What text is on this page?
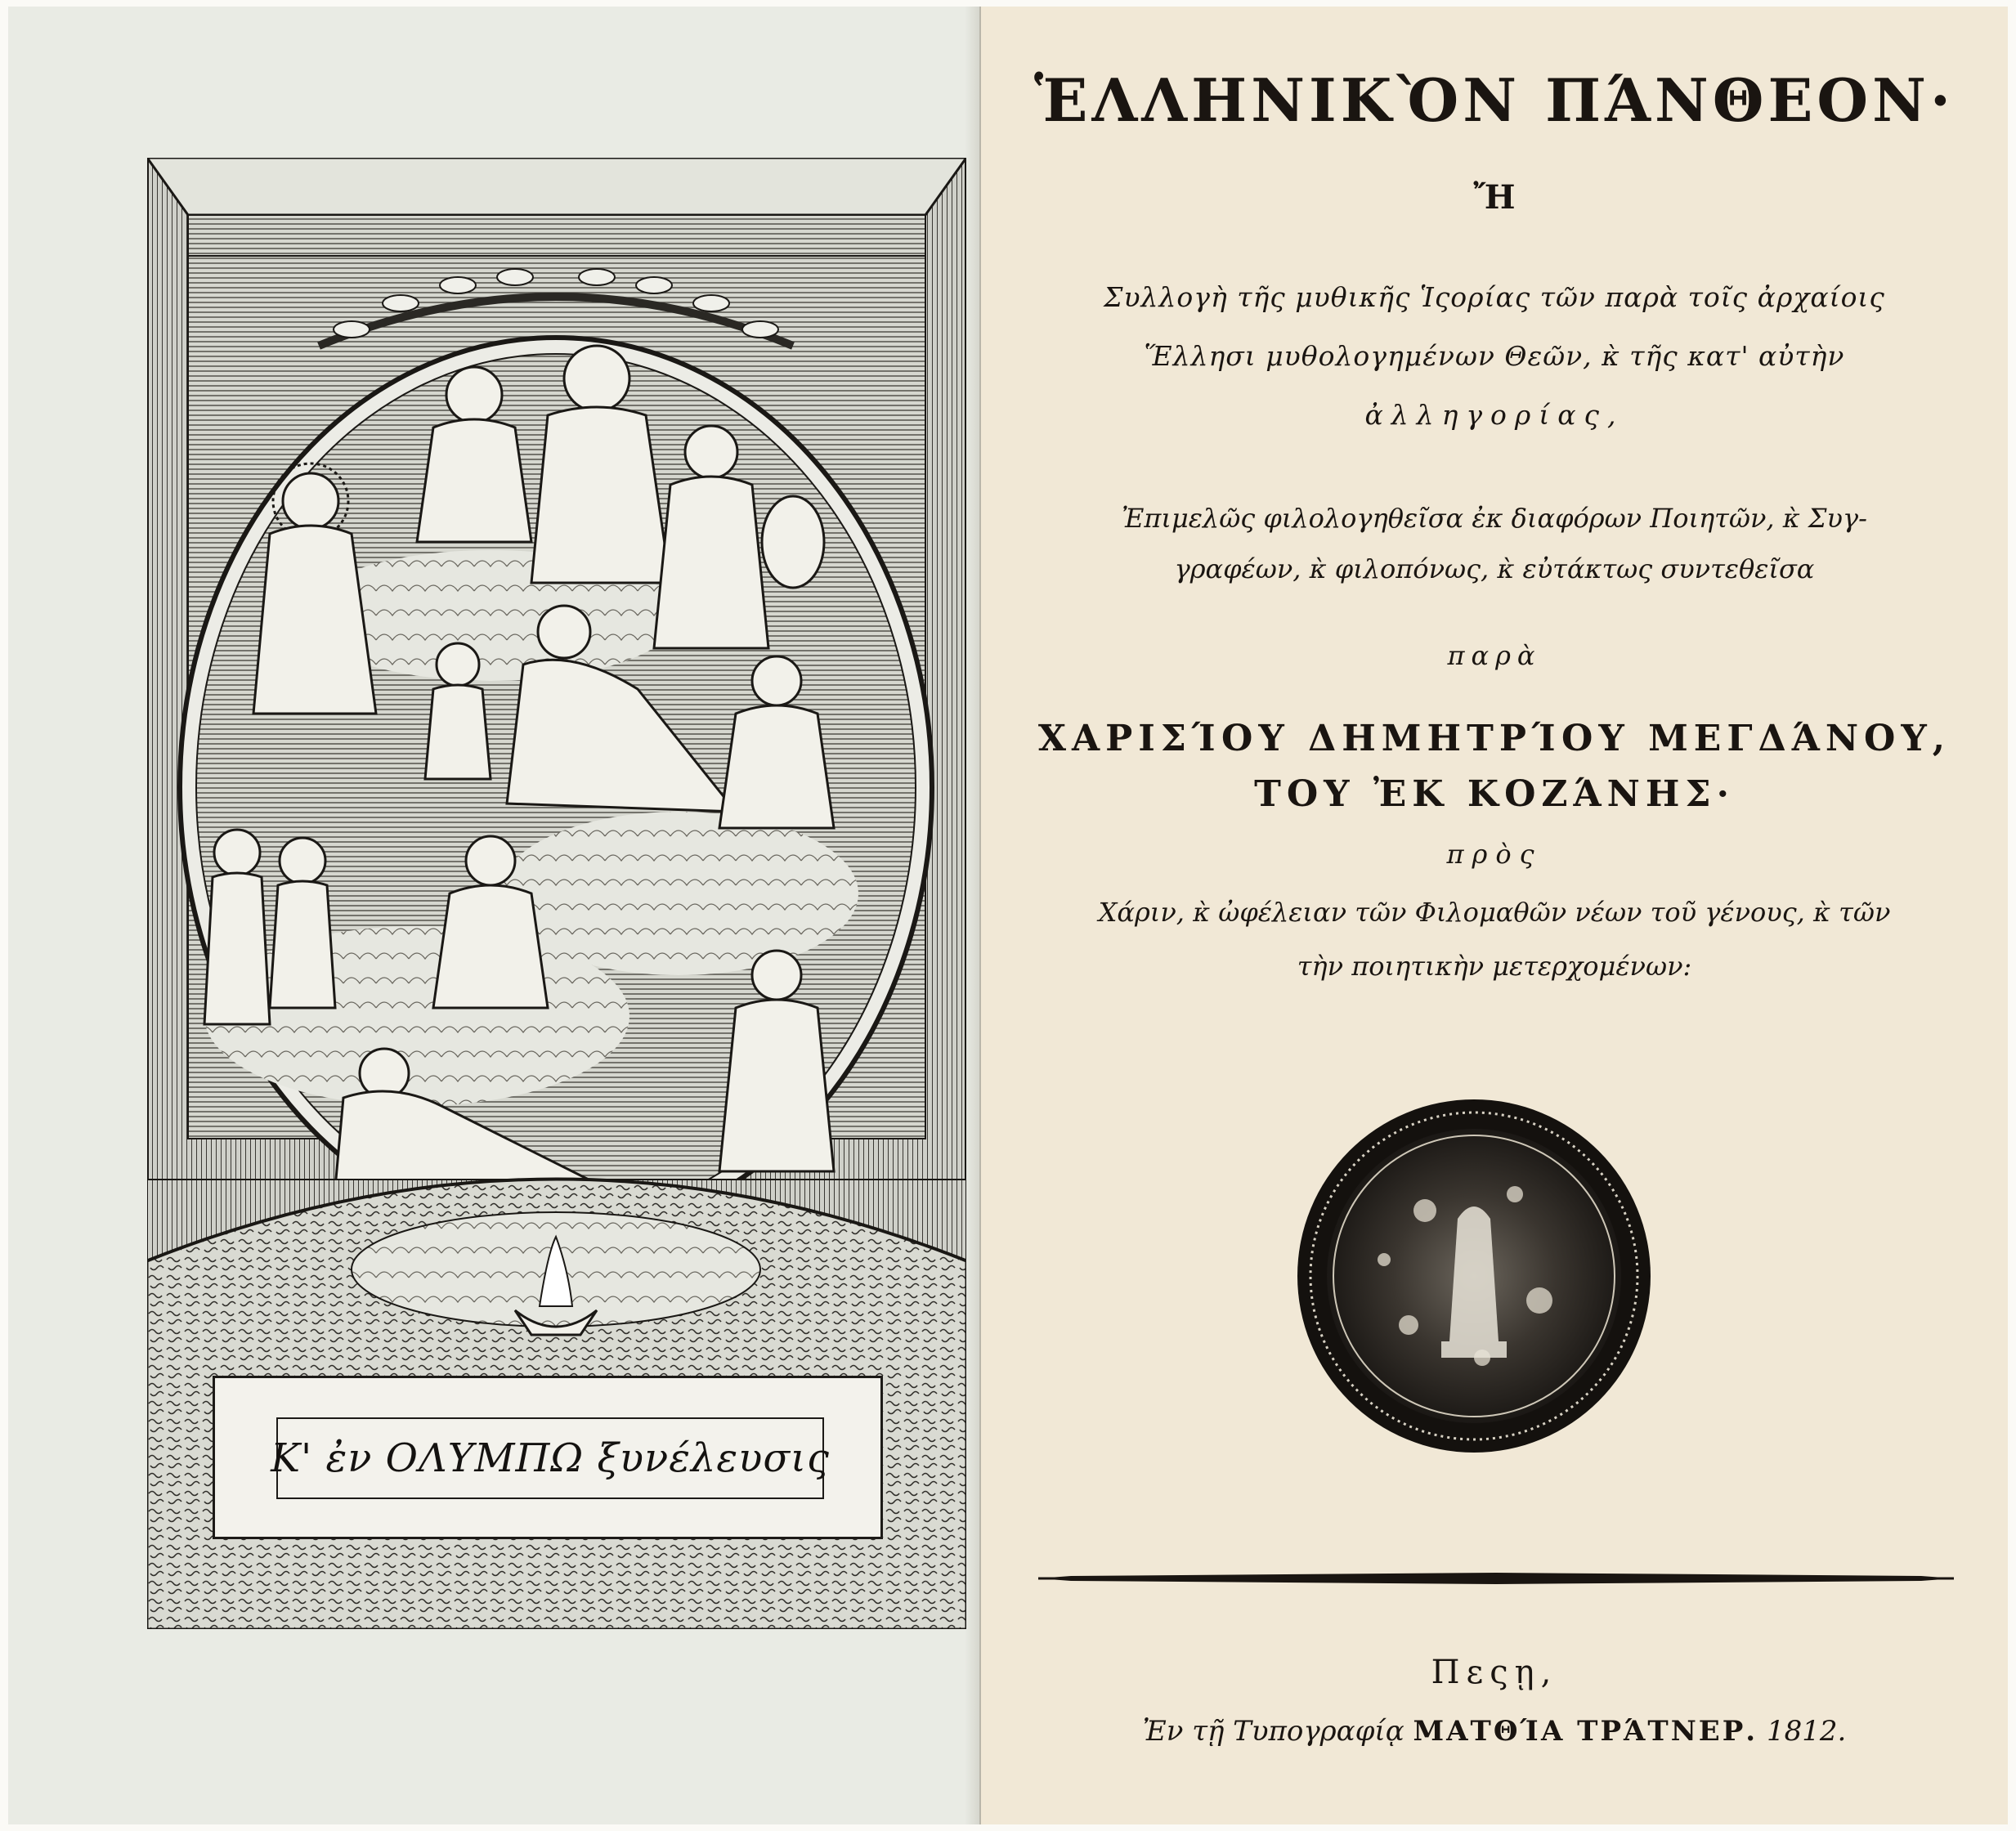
Κ' ἐν ΟΛΥΜΠΩ ξυνέλευσις
ἙΛΛΗΝΙΚῸΝ ΠΆΝΘΕΟΝ·
Ἤ
Συλλογὴ τῆς μυθικῆς Ἱςορίας τῶν παρὰ τοῖς ἀρχαίοις
Ἕλλησι μυθολογημένων Θεῶν, κ̀ τῆς κατ' αὐτὴν
ἀλληγορίας,
Ἐπιμελῶς φιλολογηθεῖσα ἐκ διαφόρων Ποιητῶν, κ̀ Συγ-
γραφέων, κ̀ φιλοπόνως, κ̀ εὐτάκτως συντεθεῖσα
παρὰ
ΧΑΡΙΣΊΟΥ ΔΗΜΗΤΡΊΟΥ ΜΕΓΔΆΝΟΥ,
ΤΟΥ ἘΚ ΚΟΖΆΝΗΣ·
πρὸς
Χάριν, κ̀ ὠφέλειαν τῶν Φιλομαθῶν νέων τοῦ γένους, κ̀ τῶν
τὴν ποιητικὴν μετερχομένων:
Πεςῃ,
Ἐν τῇ Τυπογραφίᾳ ΜΑΤΘΊΑ ΤΡΆΤΝΕΡ. 1812.
